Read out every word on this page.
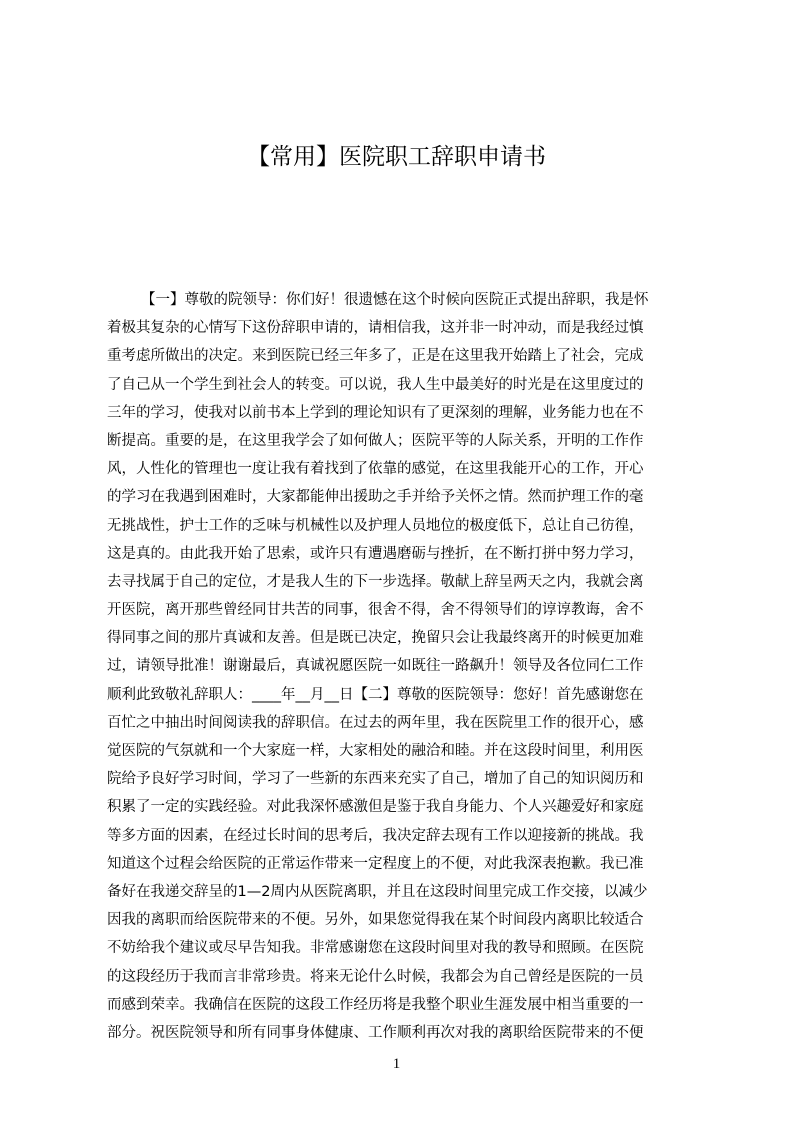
【常用】医院职工辞职申请书
【一】尊敬的院领导：你们好！很遗憾在这个时候向医院正式提出辞职，我是怀
着极其复杂的心情写下这份辞职申请的，请相信我，这并非一时冲动，而是我经过慎
重考虑所做出的决定。来到医院已经三年多了，正是在这里我开始踏上了社会，完成
了自己从一个学生到社会人的转变。可以说，我人生中最美好的时光是在这里度过的
三年的学习，使我对以前书本上学到的理论知识有了更深刻的理解，业务能力也在不
断提高。重要的是，在这里我学会了如何做人；医院平等的人际关系，开明的工作作
风，人性化的管理也一度让我有着找到了依靠的感觉，在这里我能开心的工作，开心
的学习在我遇到困难时，大家都能伸出援助之手并给予关怀之情。然而护理工作的毫
无挑战性，护士工作的乏味与机械性以及护理人员地位的极度低下，总让自己彷徨，
这是真的。由此我开始了思索，或许只有遭遇磨砺与挫折，在不断打拼中努力学习，
去寻找属于自己的定位，才是我人生的下一步选择。敬献上辞呈两天之内，我就会离
开医院，离开那些曾经同甘共苦的同事，很舍不得，舍不得领导们的谆谆教诲，舍不
得同事之间的那片真诚和友善。但是既已决定，挽留只会让我最终离开的时候更加难
过，请领导批准！谢谢最后，真诚祝愿医院一如既往一路飙升！领导及各位同仁工作
顺利此致敬礼辞职人：____年__月__日【二】尊敬的医院领导：您好！首先感谢您在
百忙之中抽出时间阅读我的辞职信。在过去的两年里，我在医院里工作的很开心，感
觉医院的气氛就和一个大家庭一样，大家相处的融洽和睦。并在这段时间里，利用医
院给予良好学习时间，学习了一些新的东西来充实了自己，增加了自己的知识阅历和
积累了一定的实践经验。对此我深怀感激但是鉴于我自身能力、个人兴趣爱好和家庭
等多方面的因素，在经过长时间的思考后，我决定辞去现有工作以迎接新的挑战。我
知道这个过程会给医院的正常运作带来一定程度上的不便，对此我深表抱歉。我已准
备好在我递交辞呈的1—2周内从医院离职，并且在这段时间里完成工作交接，以减少
因我的离职而给医院带来的不便。另外，如果您觉得我在某个时间段内离职比较适合
不妨给我个建议或尽早告知我。非常感谢您在这段时间里对我的教导和照顾。在医院
的这段经历于我而言非常珍贵。将来无论什么时候，我都会为自己曾经是医院的一员
而感到荣幸。我确信在医院的这段工作经历将是我整个职业生涯发展中相当重要的一
部分。祝医院领导和所有同事身体健康、工作顺利再次对我的离职给医院带来的不便
1
